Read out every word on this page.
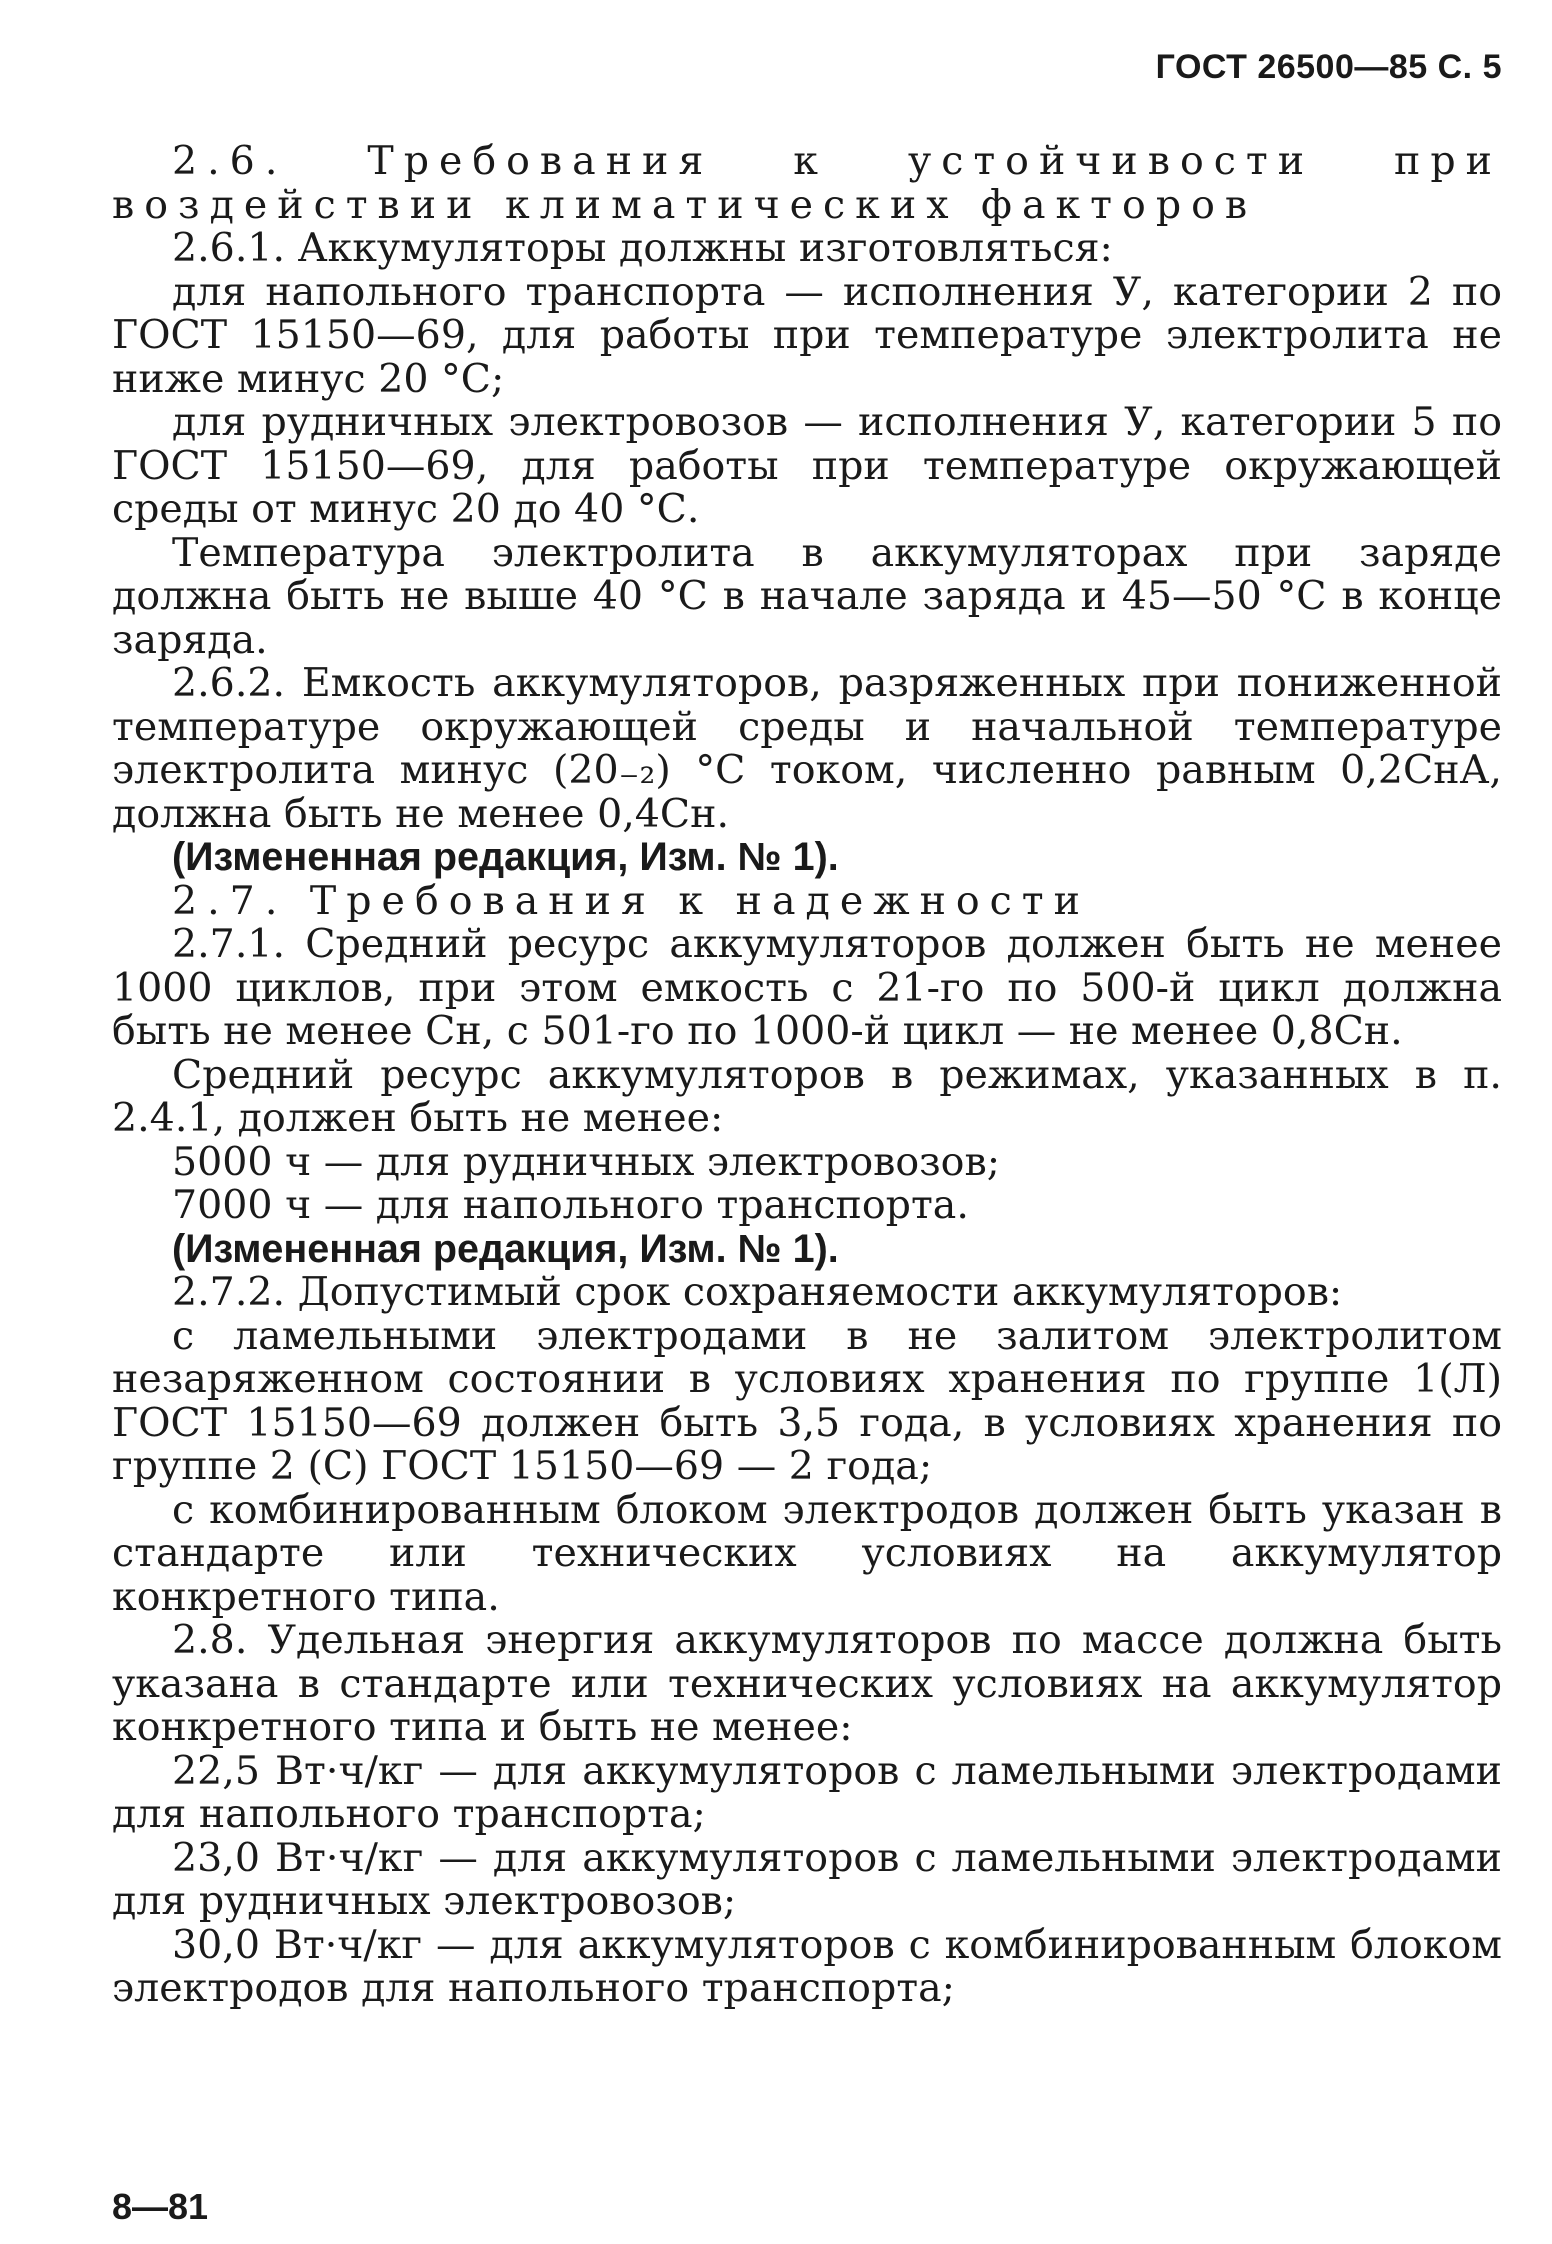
ГОСТ 26500—85 С. 5

2.6. Требования к устойчивости при воздействии климатических факторов

2.6.1. Аккумуляторы должны изготовляться:

для напольного транспорта — исполнения У, категории 2 по ГОСТ 15150—69, для работы при температуре электролита не ниже минус 20 °С;

для рудничных электровозов — исполнения У, категории 5 по ГОСТ 15150—69, для работы при температуре окружающей среды от минус 20 до 40 °С.

Температура электролита в аккумуляторах при заряде должна быть не выше 40 °С в начале заряда и 45—50 °С в конце заряда.

2.6.2. Емкость аккумуляторов, разряженных при пониженной температуре окружающей среды и начальной температуре электролита минус (20₋₂) °С током, численно равным 0,2CнА, должна быть не менее 0,4Cн.

(Измененная редакция, Изм. № 1).

2.7. Требования к надежности

2.7.1. Средний ресурс аккумуляторов должен быть не менее 1000 циклов, при этом емкость с 21-го по 500-й цикл должна быть не менее Cн, с 501-го по 1000-й цикл — не менее 0,8Cн.

Средний ресурс аккумуляторов в режимах, указанных в п. 2.4.1, должен быть не менее:

5000 ч — для рудничных электровозов;

7000 ч — для напольного транспорта.

(Измененная редакция, Изм. № 1).

2.7.2. Допустимый срок сохраняемости аккумуляторов:

с ламельными электродами в не залитом электролитом незаряженном состоянии в условиях хранения по группе 1(Л) ГОСТ 15150—69 должен быть 3,5 года, в условиях хранения по группе 2 (С) ГОСТ 15150—69 — 2 года;

с комбинированным блоком электродов должен быть указан в стандарте или технических условиях на аккумулятор конкретного типа.

2.8. Удельная энергия аккумуляторов по массе должна быть указана в стандарте или технических условиях на аккумулятор конкретного типа и быть не менее:

22,5 Вт·ч/кг — для аккумуляторов с ламельными электродами для напольного транспорта;

23,0 Вт·ч/кг — для аккумуляторов с ламельными электродами для рудничных электровозов;

30,0 Вт·ч/кг — для аккумуляторов с комбинированным блоком электродов для напольного транспорта;

8—81
